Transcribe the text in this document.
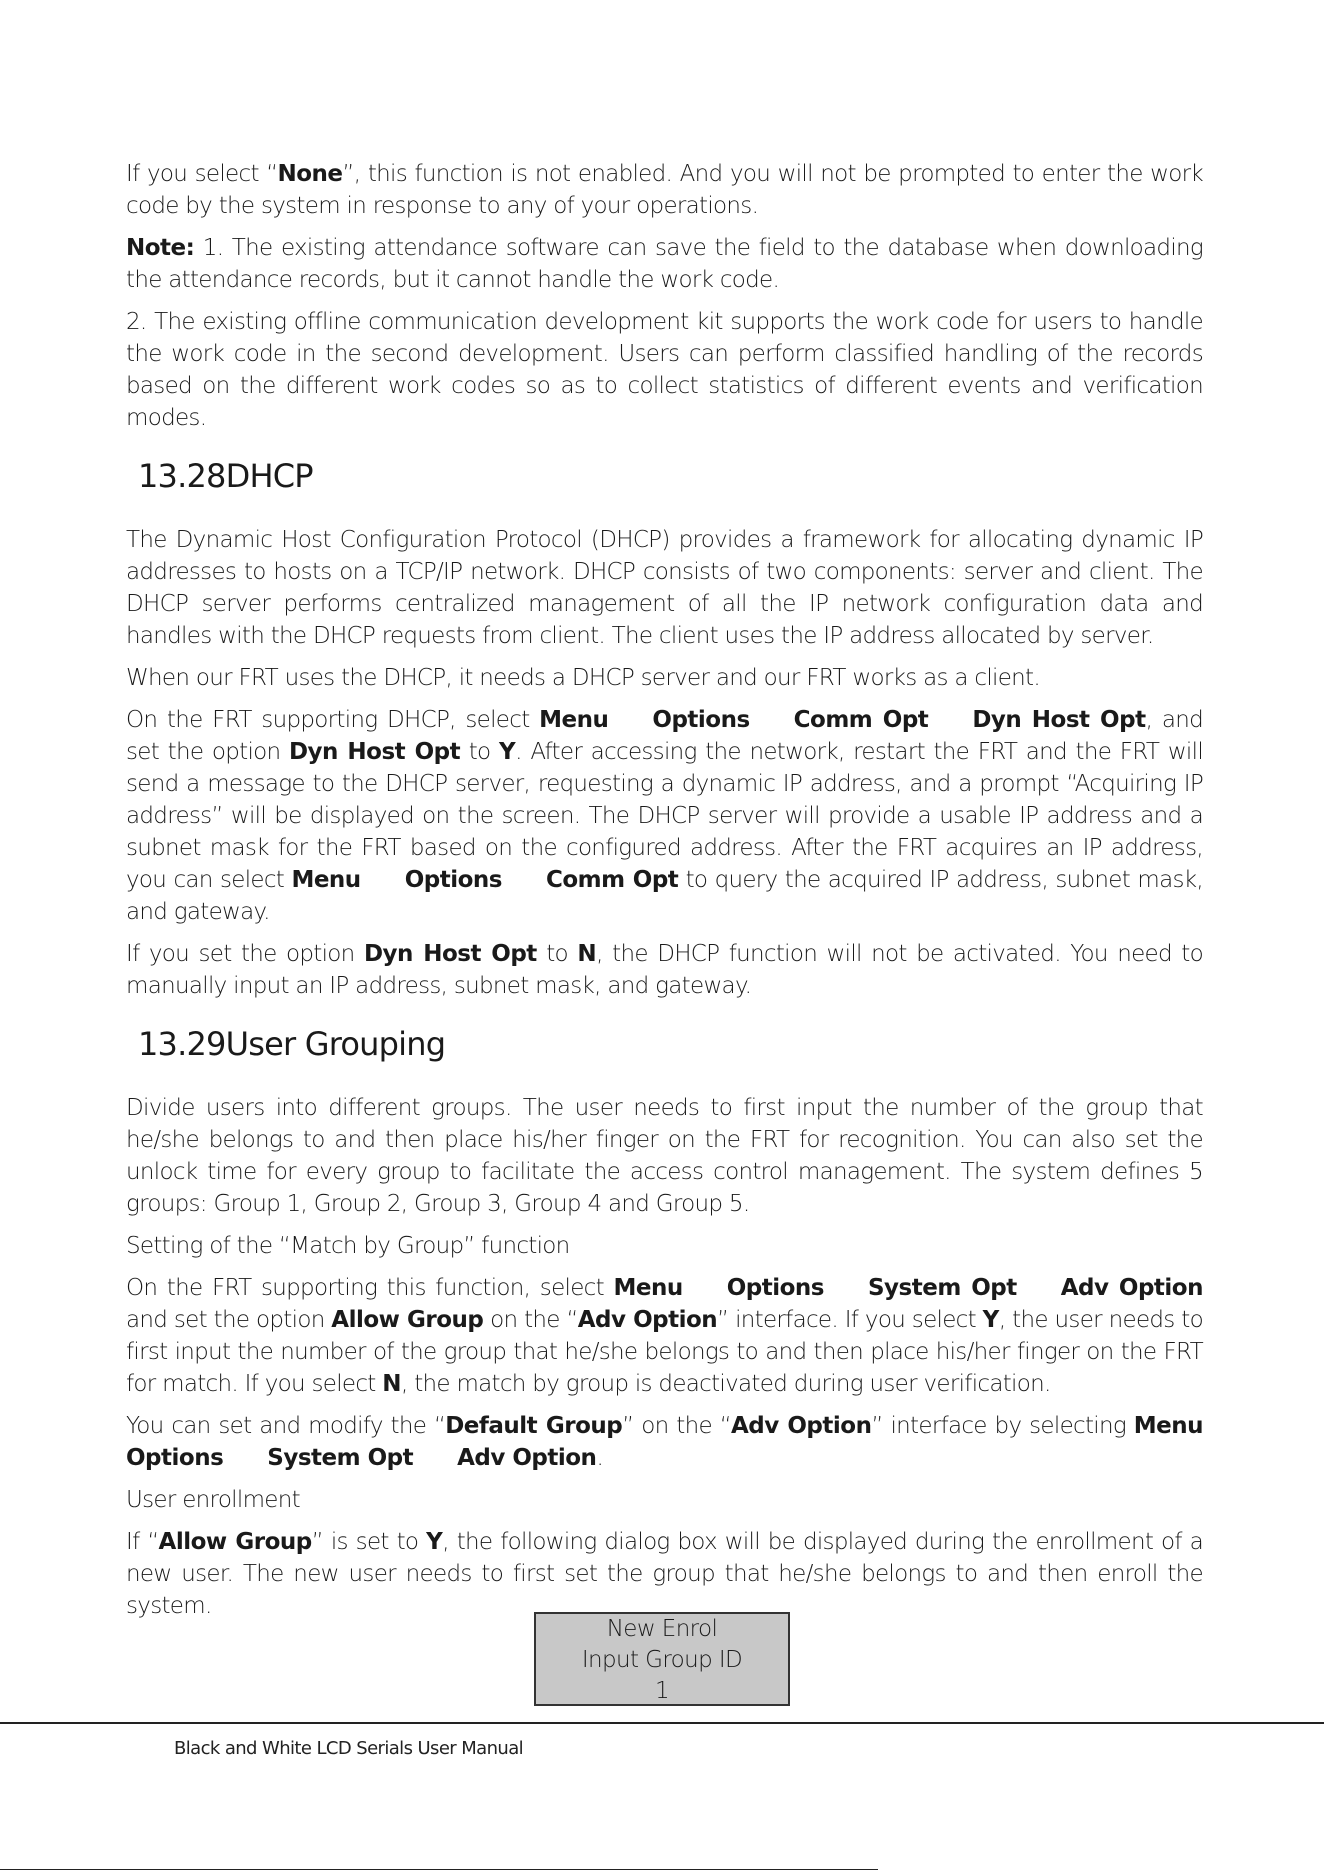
If you select “None”, this function is not enabled. And you will not be prompted to enter the work code by the system in response to any of your operations.

Note: 1. The existing attendance software can save the field to the database when downloading the attendance records, but it cannot handle the work code.

2. The existing offline communication development kit supports the work code for users to handle the work code in the second development. Users can perform classified handling of the records based on the different work codes so as to collect statistics of different events and verification modes.

13.28DHCP

The Dynamic Host Configuration Protocol (DHCP) provides a framework for allocating dynamic IP addresses to hosts on a TCP/IP network. DHCP consists of two components: server and client. The DHCP server performs centralized management of all the IP network configuration data and handles with the DHCP requests from client. The client uses the IP address allocated by server.

When our FRT uses the DHCP, it needs a DHCP server and our FRT works as a client.

On the FRT supporting DHCP, select Menu Options Comm Opt Dyn Host Opt, and set the option Dyn Host Opt to Y. After accessing the network, restart the FRT and the FRT will send a message to the DHCP server, requesting a dynamic IP address, and a prompt “Acquiring IP address” will be displayed on the screen. The DHCP server will provide a usable IP address and a subnet mask for the FRT based on the configured address. After the FRT acquires an IP address, you can select Menu Options Comm Opt to query the acquired IP address, subnet mask, and gateway.

If you set the option Dyn Host Opt to N, the DHCP function will not be activated. You need to manually input an IP address, subnet mask, and gateway.

13.29User Grouping

Divide users into different groups. The user needs to first input the number of the group that he/she belongs to and then place his/her finger on the FRT for recognition. You can also set the unlock time for every group to facilitate the access control management. The system defines 5 groups: Group 1, Group 2, Group 3, Group 4 and Group 5.

Setting of the “Match by Group” function

On the FRT supporting this function, select Menu Options System Opt Adv Option and set the option Allow Group on the “Adv Option” interface. If you select Y, the user needs to first input the number of the group that he/she belongs to and then place his/her finger on the FRT for match. If you select N, the match by group is deactivated during user verification.

You can set and modify the “Default Group” on the “Adv Option” interface by selecting Menu Options System Opt Adv Option.

User enrollment

If “Allow Group” is set to Y, the following dialog box will be displayed during the enrollment of a new user. The new user needs to first set the group that he/she belongs to and then enroll the system.

New Enrol
Input Group ID
1
Black and White LCD Serials User Manual
